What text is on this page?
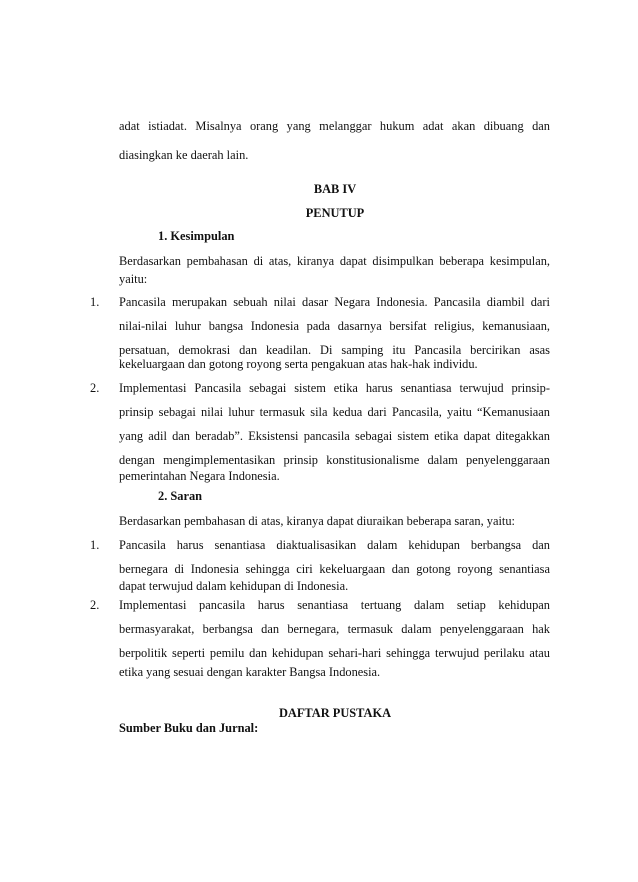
adat istiadat. Misalnya orang yang melanggar hukum adat akan dibuang dan
diasingkan ke daerah lain.
BAB IV
PENUTUP
1. Kesimpulan
Berdasarkan pembahasan di atas, kiranya dapat disimpulkan beberapa kesimpulan,
yaitu:
1. Pancasila merupakan sebuah nilai dasar Negara Indonesia. Pancasila diambil dari
nilai-nilai luhur bangsa Indonesia pada dasarnya bersifat religius, kemanusiaan,
persatuan, demokrasi dan keadilan. Di samping itu Pancasila bercirikan asas
kekeluargaan dan gotong royong serta pengakuan atas hak-hak individu.
2. Implementasi Pancasila sebagai sistem etika harus senantiasa terwujud prinsip-
prinsip sebagai nilai luhur termasuk sila kedua dari Pancasila, yaitu “Kemanusiaan
yang adil dan beradab”. Eksistensi pancasila sebagai sistem etika dapat ditegakkan
dengan mengimplementasikan prinsip konstitusionalisme dalam penyelenggaraan
pemerintahan Negara Indonesia.
2. Saran
Berdasarkan pembahasan di atas, kiranya dapat diuraikan beberapa saran, yaitu:
1. Pancasila harus senantiasa diaktualisasikan dalam kehidupan berbangsa dan
bernegara di Indonesia sehingga ciri kekeluargaan dan gotong royong senantiasa
dapat terwujud dalam kehidupan di Indonesia.
2. Implementasi pancasila harus senantiasa tertuang dalam setiap kehidupan
bermasyarakat, berbangsa dan bernegara, termasuk dalam penyelenggaraan hak
berpolitik seperti pemilu dan kehidupan sehari-hari sehingga terwujud perilaku atau
etika yang sesuai dengan karakter Bangsa Indonesia.
DAFTAR PUSTAKA
Sumber Buku dan Jurnal:
